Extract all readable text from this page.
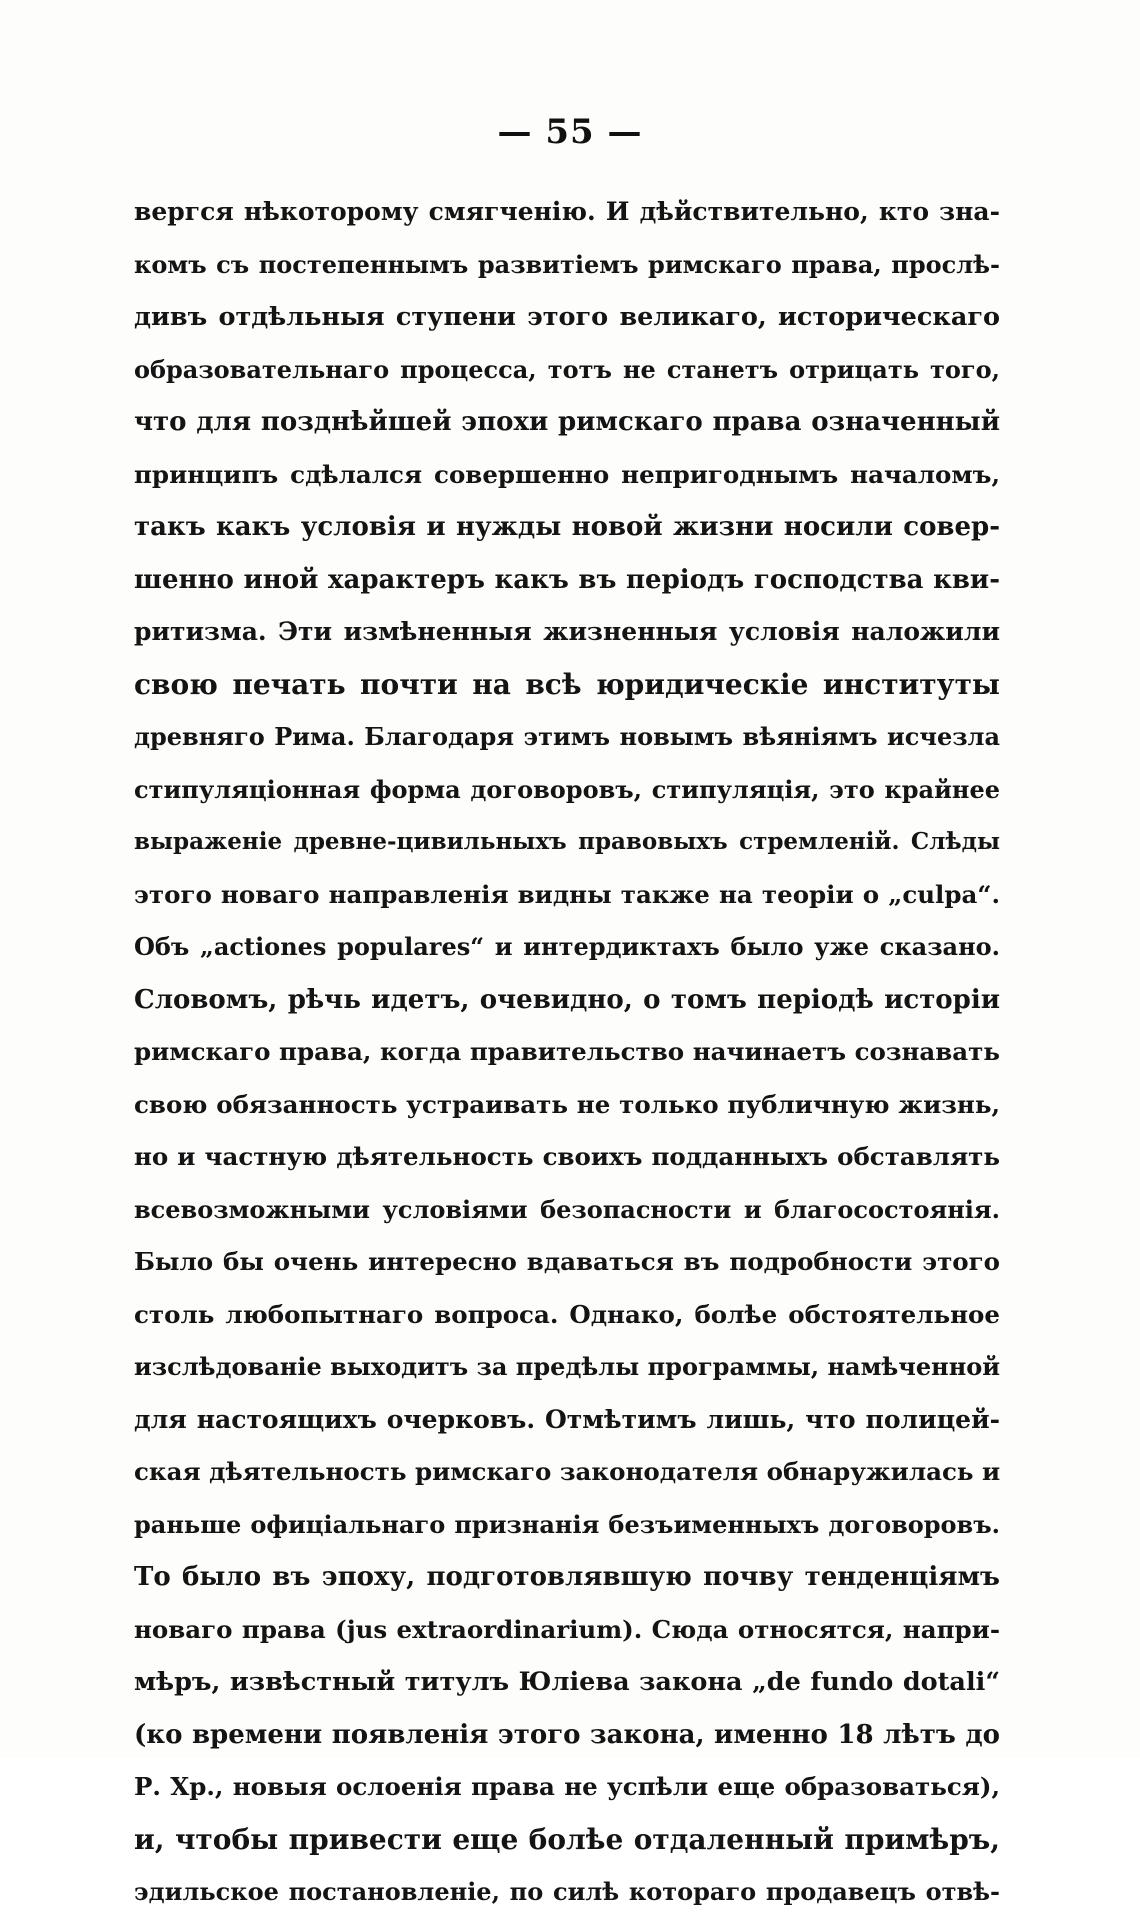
— 55 —
вергся нѣкоторому смягченію. И дѣйствительно, кто зна-
комъ съ постепеннымъ развитіемъ римскаго права, прослѣ-
дивъ отдѣльныя ступени этого великаго, историческаго
образовательнаго процесса, тотъ не станетъ отрицать того,
что для позднѣйшей эпохи римскаго права означенный
принципъ сдѣлался совершенно непригоднымъ началомъ,
такъ какъ условія и нужды новой жизни носили совер-
шенно иной характеръ какъ въ періодъ господства кви-
ритизма. Эти измѣненныя жизненныя условія наложили
свою печать почти на всѣ юридическіе институты
древняго Рима. Благодаря этимъ новымъ вѣяніямъ исчезла
стипуляціонная форма договоровъ, стипуляція, это крайнее
выраженіе древне-цивильныхъ правовыхъ стремленій. Слѣды
этого новаго направленія видны также на теоріи о „culpa“.
Объ „actiones populares“ и интердиктахъ было уже сказано.
Словомъ, рѣчь идетъ, очевидно, о томъ періодѣ исторіи
римскаго права, когда правительство начинаетъ сознавать
свою обязанность устраивать не только публичную жизнь,
но и частную дѣятельность своихъ подданныхъ обставлять
всевозможными условіями безопасности и благосостоянія.
Было бы очень интересно вдаваться въ подробности этого
столь любопытнаго вопроса. Однако, болѣе обстоятельное
изслѣдованіе выходитъ за предѣлы программы, намѣченной
для настоящихъ очерковъ. Отмѣтимъ лишь, что полицей-
ская дѣятельность римскаго законодателя обнаружилась и
раньше офиціальнаго признанія безъименныхъ договоровъ.
То было въ эпоху, подготовлявшую почву тенденціямъ
новаго права (jus extraordinarium). Сюда относятся, напри-
мѣръ, извѣстный титулъ Юліева закона „de fundo dotali“
(ко времени появленія этого закона, именно 18 лѣтъ до
Р. Хр., новыя ослоенія права не успѣли еще образоваться),
и, чтобы привести еще болѣе отдаленный примѣръ,
эдильское постановленіе, по силѣ котораго продавецъ отвѣ-
